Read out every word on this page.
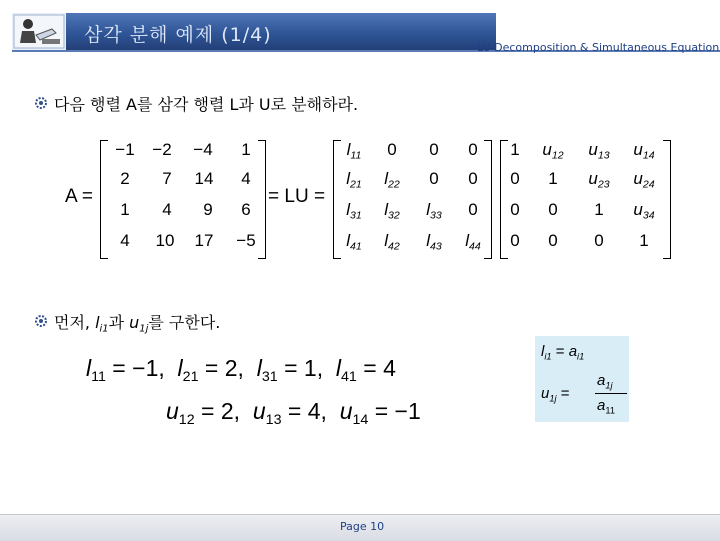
삼각 분해 예제 (1/4)
LU Decomposition & Simultaneous Equation
다음 행렬 A를 삼각 행렬 L과 U로 분해하라.
A =	= LU =
−1	−2	−4	1
2	7	14	4
1	4	9	6
4	10	17	−5
$l_{11}$	0	0	0
$l_{21}$	$l_{22}$	0	0
$l_{31}$	$l_{32}$	$l_{33}$	0
$l_{41}$	$l_{42}$	$l_{43}$	$l_{44}$
1	$u_{12}$	$u_{13}$	$u_{14}$
0	1	$u_{23}$	$u_{24}$
0	0	1	$u_{34}$
0	0	0	1
먼저, $l_{i1}$과 $u_{1j}$를 구한다.
$l_{11} = -1$,  $l_{21} = 2$,  $l_{31} = 1$,  $l_{41} = 4$
$u_{12} = 2$,  $u_{13} = 4$,  $u_{14} = -1$
$l_{i1} = a_{i1}$
$u_{1j}$ =
$a_{1j}$
$a_{11}$
Page 10
